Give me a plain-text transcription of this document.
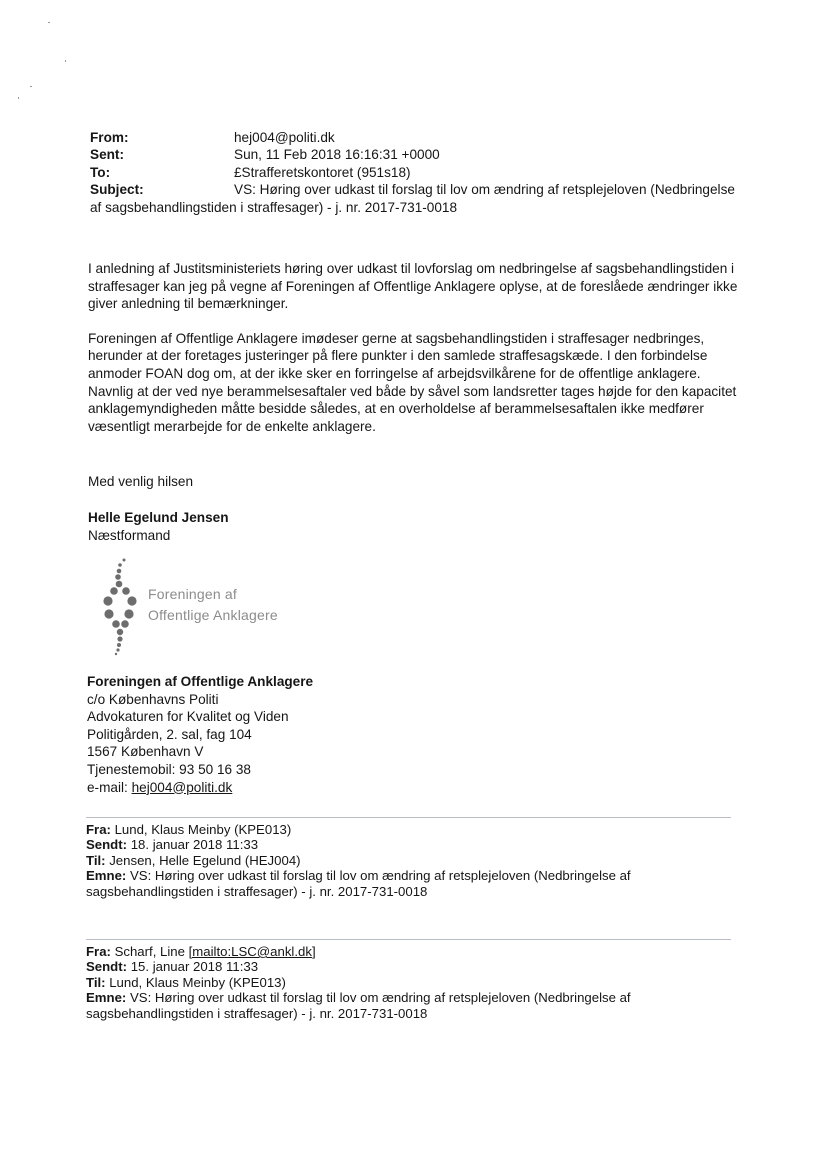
From:	hej004@politi.dk
Sent:	Sun, 11 Feb 2018 16:16:31 +0000
To:	£Strafferetskontoret (951s18)
Subject:	VS: Høring over udkast til forslag til lov om ændring af retsplejeloven (Nedbringelse
af sagsbehandlingstiden i straffesager) - j. nr. 2017-731-0018

I anledning af Justitsministeriets høring over udkast til lovforslag om nedbringelse af sagsbehandlingstiden i
straffesager kan jeg på vegne af Foreningen af Offentlige Anklagere oplyse, at de foreslåede ændringer ikke
giver anledning til bemærkninger.

Foreningen af Offentlige Anklagere imødeser gerne at sagsbehandlingstiden i straffesager nedbringes,
herunder at der foretages justeringer på flere punkter i den samlede straffesagskæde. I den forbindelse
anmoder FOAN dog om, at der ikke sker en forringelse af arbejdsvilkårene for de offentlige anklagere.
Navnlig at der ved nye berammelsesaftaler ved både by såvel som landsretter tages højde for den kapacitet
anklagemyndigheden måtte besidde således, at en overholdelse af berammelsesaftalen ikke medfører
væsentligt merarbejde for de enkelte anklagere.

Med venlig hilsen
Helle Egelund Jensen
Næstformand
Foreningen af
Offentlige Anklagere
Foreningen af Offentlige Anklagere
c/o Københavns Politi
Advokaturen for Kvalitet og Viden
Politigården, 2. sal, fag 104
1567 København V
Tjenestemobil: 93 50 16 38
e-mail: hej004@politi.dk
Fra: Lund, Klaus Meinby (KPE013)
Sendt: 18. januar 2018 11:33
Til: Jensen, Helle Egelund (HEJ004)
Emne: VS: Høring over udkast til forslag til lov om ændring af retsplejeloven (Nedbringelse af
sagsbehandlingstiden i straffesager) - j. nr. 2017-731-0018
Fra: Scharf, Line [mailto:LSC@ankl.dk]
Sendt: 15. januar 2018 11:33
Til: Lund, Klaus Meinby (KPE013)
Emne: VS: Høring over udkast til forslag til lov om ændring af retsplejeloven (Nedbringelse af
sagsbehandlingstiden i straffesager) - j. nr. 2017-731-0018
